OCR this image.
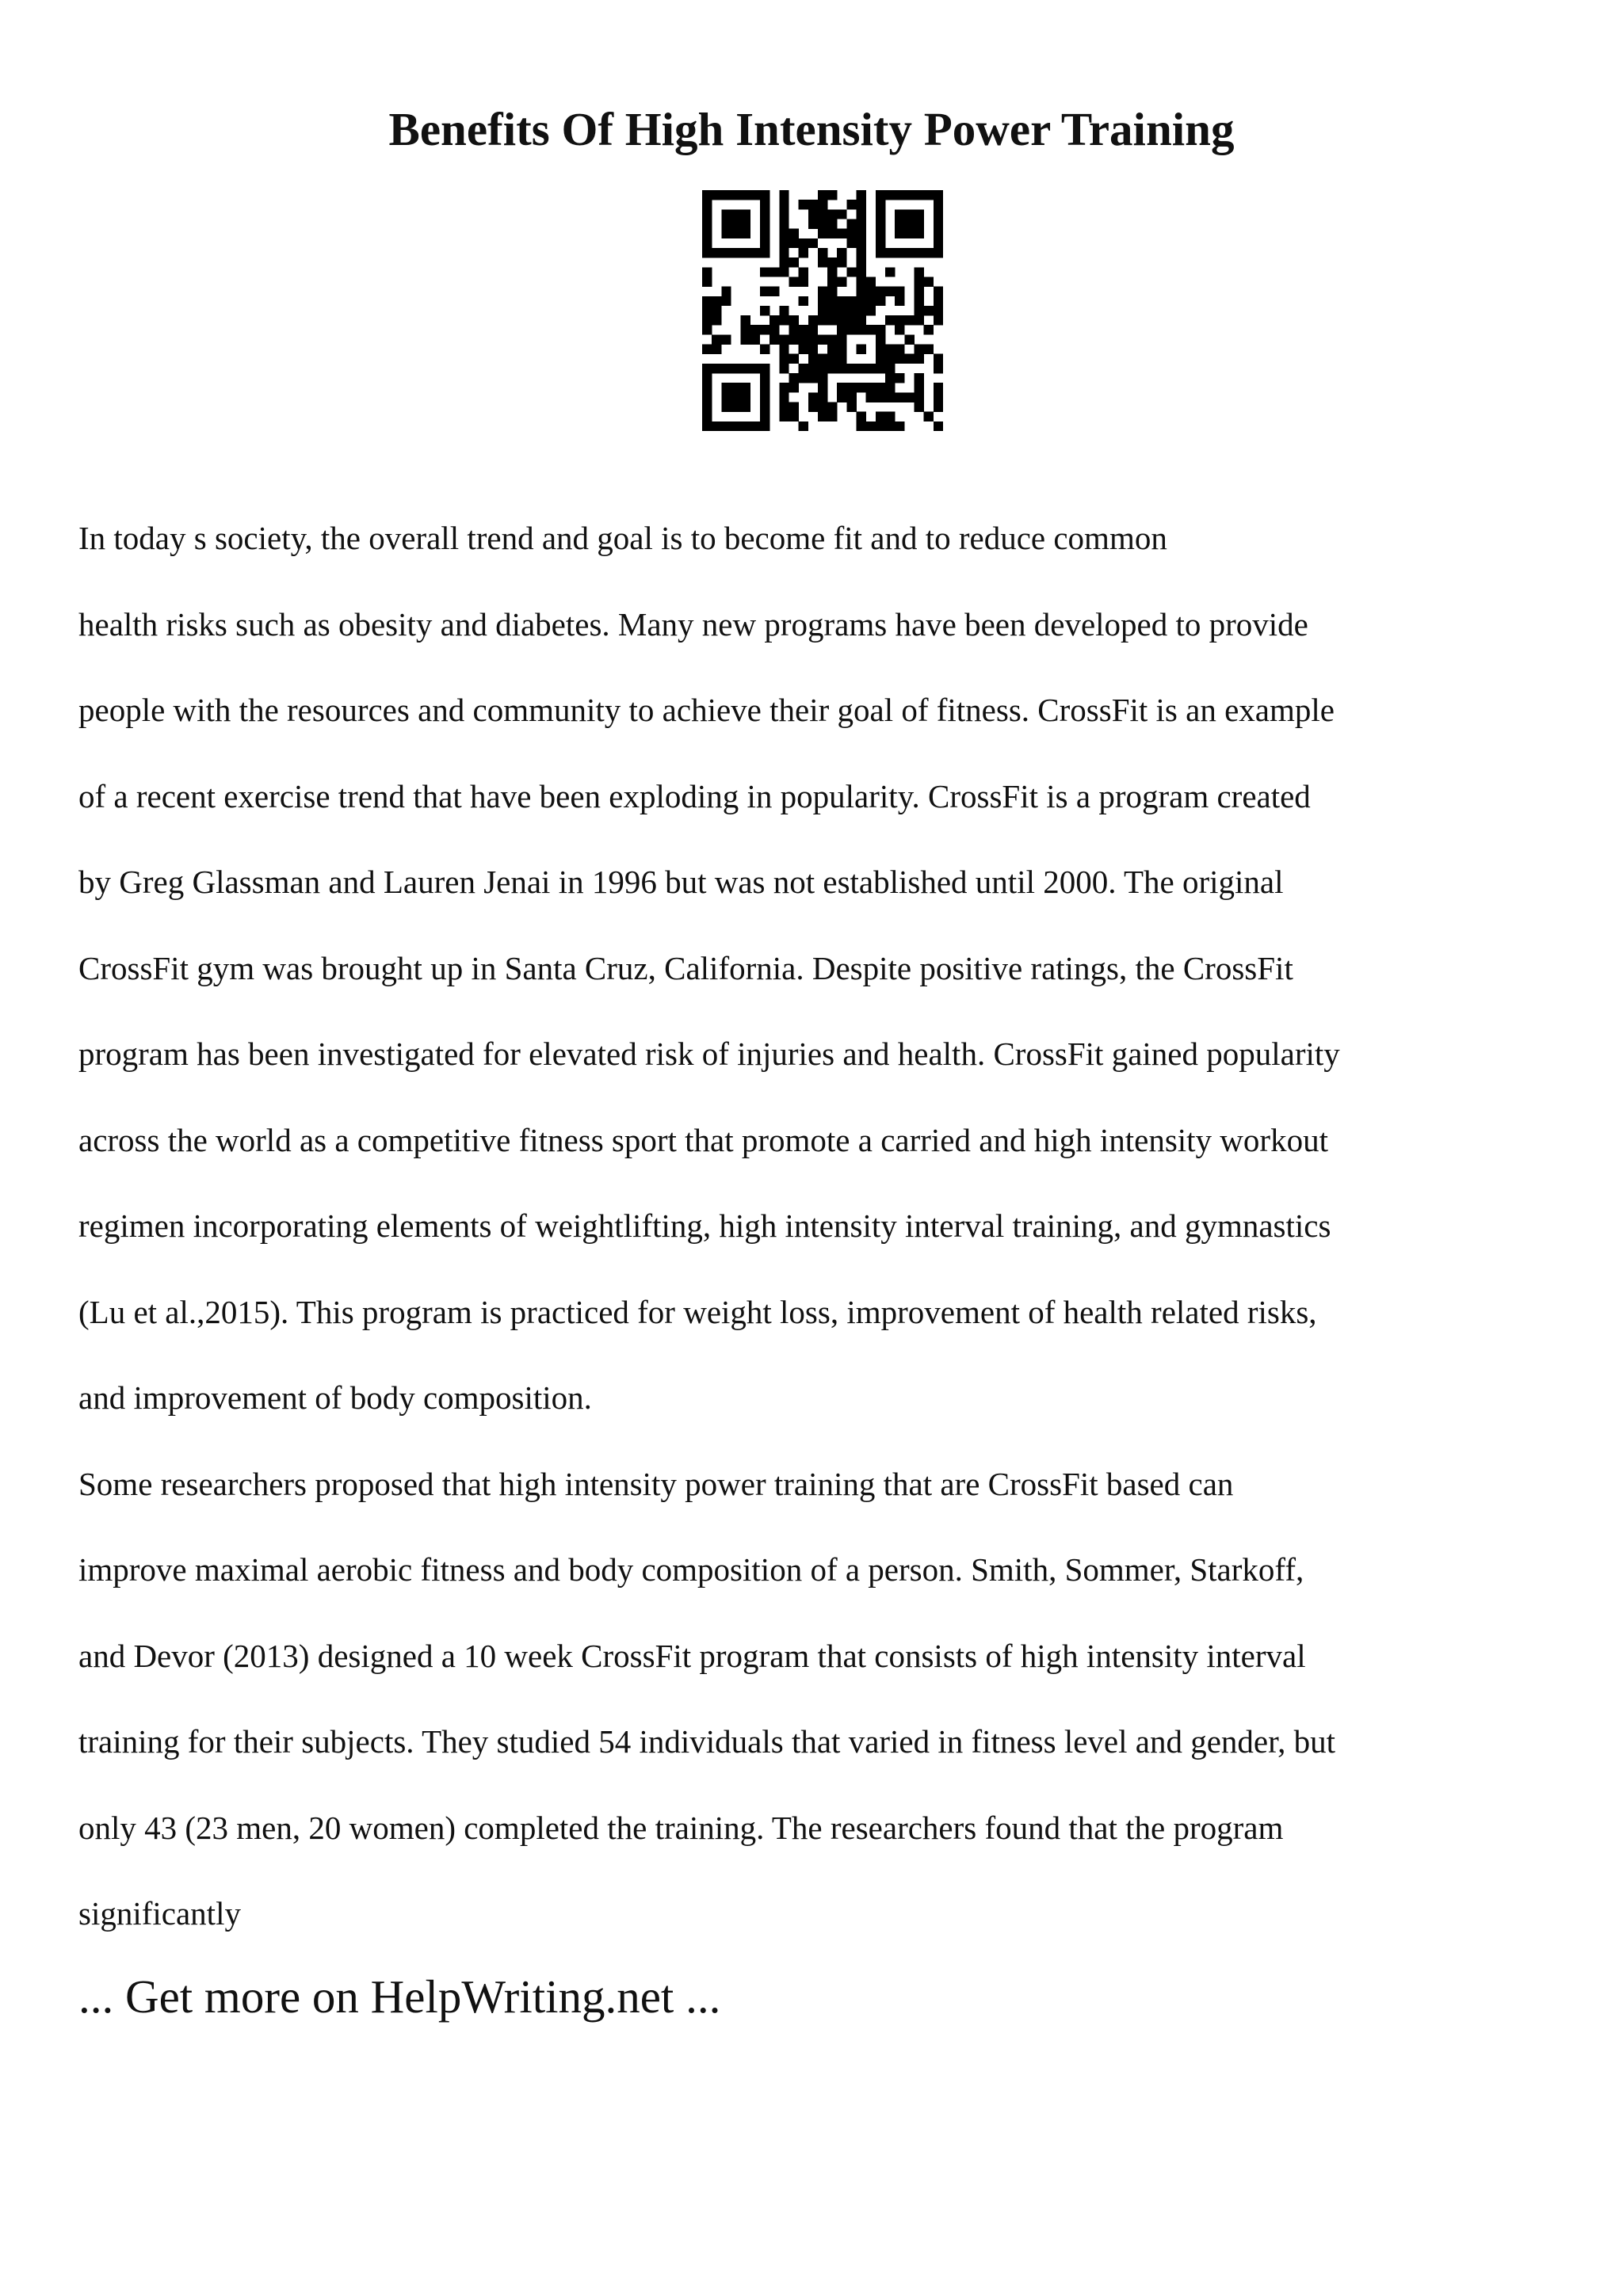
Benefits Of High Intensity Power Training
In today s society, the overall trend and goal is to become fit and to reduce common
health risks such as obesity and diabetes. Many new programs have been developed to provide
people with the resources and community to achieve their goal of fitness. CrossFit is an example
of a recent exercise trend that have been exploding in popularity. CrossFit is a program created
by Greg Glassman and Lauren Jenai in 1996 but was not established until 2000. The original
CrossFit gym was brought up in Santa Cruz, California. Despite positive ratings, the CrossFit
program has been investigated for elevated risk of injuries and health. CrossFit gained popularity
across the world as a competitive fitness sport that promote a carried and high intensity workout
regimen incorporating elements of weightlifting, high intensity interval training, and gymnastics
(Lu et al.,2015). This program is practiced for weight loss, improvement of health related risks,
and improvement of body composition.
Some researchers proposed that high intensity power training that are CrossFit based can
improve maximal aerobic fitness and body composition of a person. Smith, Sommer, Starkoff,
and Devor (2013) designed a 10 week CrossFit program that consists of high intensity interval
training for their subjects. They studied 54 individuals that varied in fitness level and gender, but
only 43 (23 men, 20 women) completed the training. The researchers found that the program
significantly
... Get more on HelpWriting.net ...
